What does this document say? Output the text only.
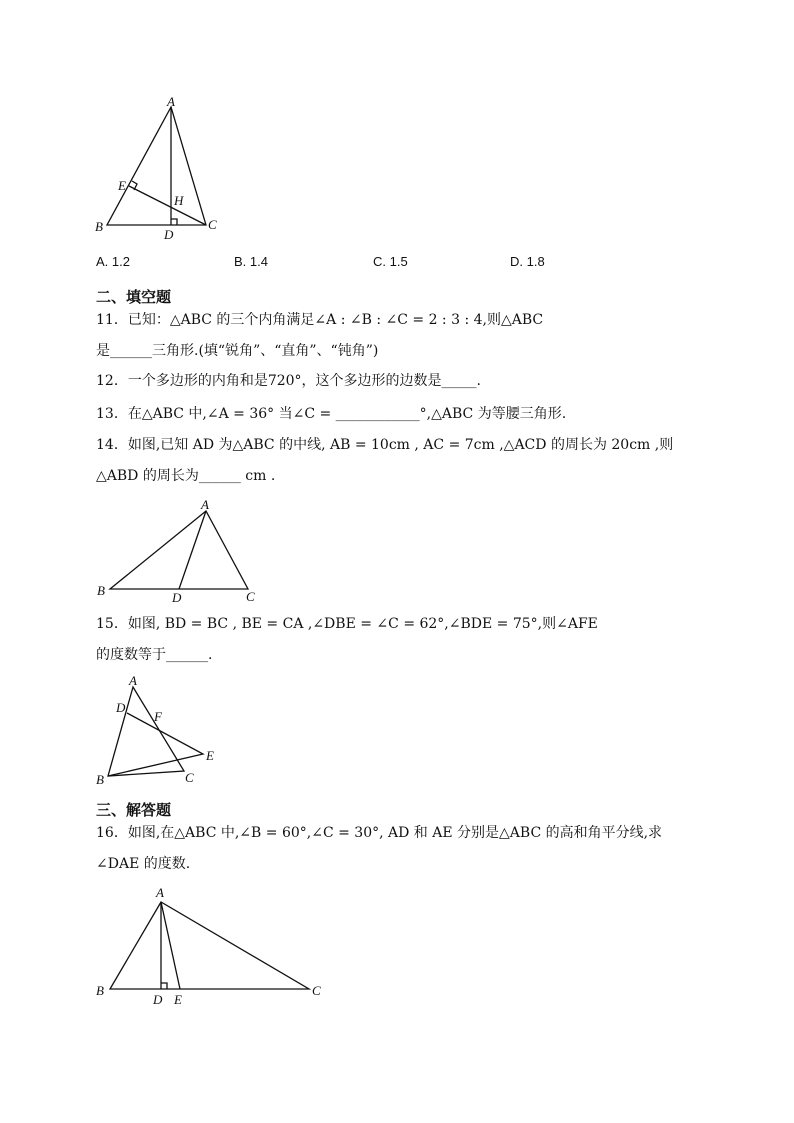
A
B	C
D
E
H
A. 1.2	B. 1.4	C. 1.5	D. 1.8
二、填空题
11．已知：△ABC 的三个内角满足∠A : ∠B : ∠C = 2 : 3 : 4,则△ABC
是______三角形.(填“锐角”、“直角”、“钝角”)
12．一个多边形的内角和是720°，这个多边形的边数是_____.
13．在△ABC 中,∠A = 36° 当∠C = ____________°,△ABC 为等腰三角形.
14．如图,已知 AD 为△ABC 的中线, AB = 10cm , AC = 7cm ,△ACD 的周长为 20cm ,则
△ABD 的周长为______ cm .
A
B	C
D
15．如图, BD = BC , BE = CA ,∠DBE = ∠C = 62°,∠BDE = 75°,则∠AFE
的度数等于______.
A
B	C
D
E
F
三、解答题
16．如图,在△ABC 中,∠B = 60°,∠C = 30°, AD 和 AE 分别是△ABC 的高和角平分线,求
∠DAE 的度数.
A
B	C
D E
